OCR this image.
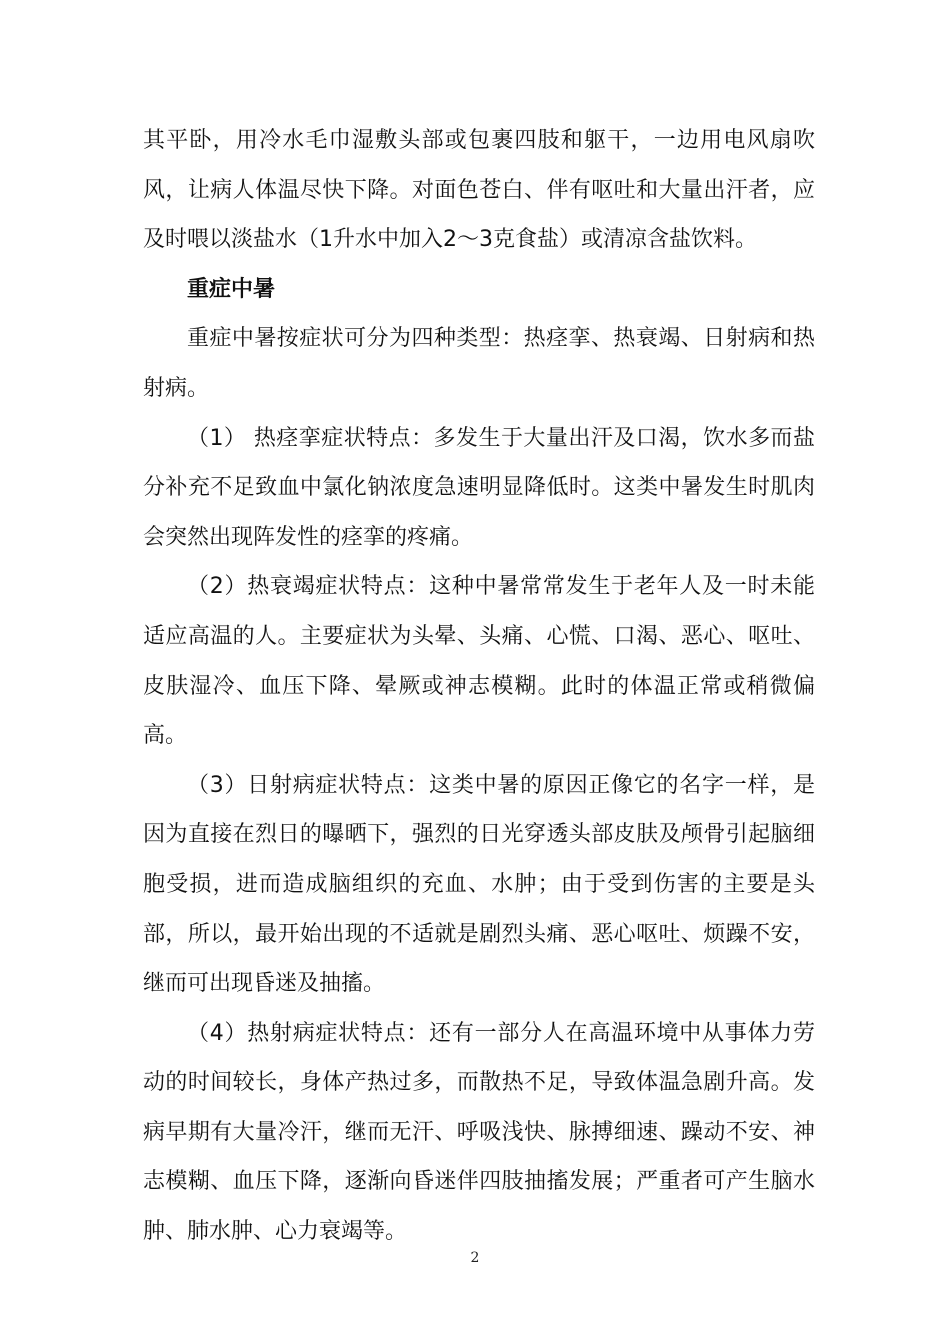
其平卧，用冷水毛巾湿敷头部或包裹四肢和躯干，一边用电风扇吹风，让病人体温尽快下降。对面色苍白、伴有呕吐和大量出汗者，应及时喂以淡盐水（1升水中加入2～3克食盐）或清凉含盐饮料。

重症中暑

重症中暑按症状可分为四种类型：热痉挛、热衰竭、日射病和热射病。

（1） 热痉挛症状特点：多发生于大量出汗及口渴，饮水多而盐分补充不足致血中氯化钠浓度急速明显降低时。这类中暑发生时肌肉会突然出现阵发性的痉挛的疼痛。

（2）热衰竭症状特点：这种中暑常常发生于老年人及一时未能适应高温的人。主要症状为头晕、头痛、心慌、口渴、恶心、呕吐、皮肤湿冷、血压下降、晕厥或神志模糊。此时的体温正常或稍微偏高。

（3）日射病症状特点：这类中暑的原因正像它的名字一样，是因为直接在烈日的曝晒下，强烈的日光穿透头部皮肤及颅骨引起脑细胞受损，进而造成脑组织的充血、水肿；由于受到伤害的主要是头部，所以，最开始出现的不适就是剧烈头痛、恶心呕吐、烦躁不安，继而可出现昏迷及抽搐。

（4）热射病症状特点：还有一部分人在高温环境中从事体力劳动的时间较长，身体产热过多，而散热不足，导致体温急剧升高。发病早期有大量冷汗，继而无汗、呼吸浅快、脉搏细速、躁动不安、神志模糊、血压下降，逐渐向昏迷伴四肢抽搐发展；严重者可产生脑水肿、肺水肿、心力衰竭等。

2
